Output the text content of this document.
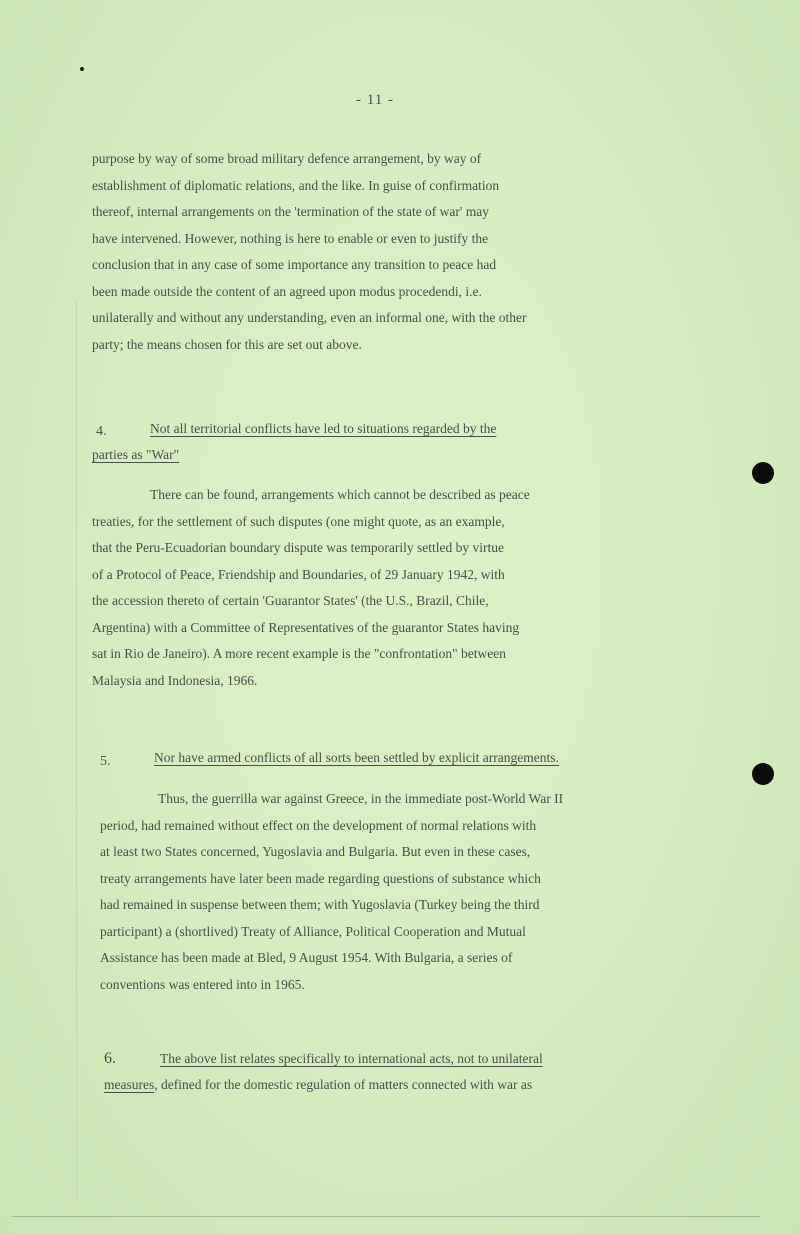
- 11 -
purpose by way of some broad military defence arrangement, by way of
establishment of diplomatic relations, and the like. In guise of confirmation
thereof, internal arrangements on the 'termination of the state of war' may
have intervened. However, nothing is here to enable or even to justify the
conclusion that in any case of some importance any transition to peace had
been made outside the content of an agreed upon modus procedendi, i.e.
unilaterally and without any understanding, even an informal one, with the other
party; the means chosen for this are set out above.
4.	Not all territorial conflicts have led to situations regarded by the
parties as "War"
There can be found, arrangements which cannot be described as peace
treaties, for the settlement of such disputes (one might quote, as an example,
that the Peru-Ecuadorian boundary dispute was temporarily settled by virtue
of a Protocol of Peace, Friendship and Boundaries, of 29 January 1942, with
the accession thereto of certain 'Guarantor States' (the U.S., Brazil, Chile,
Argentina) with a Committee of Representatives of the guarantor States having
sat in Rio de Janeiro). A more recent example is the "confrontation" between
Malaysia and Indonesia, 1966.
5.	Nor have armed conflicts of all sorts been settled by explicit arrangements.
Thus, the guerrilla war against Greece, in the immediate post-World War II
period, had remained without effect on the development of normal relations with
at least two States concerned, Yugoslavia and Bulgaria. But even in these cases,
treaty arrangements have later been made regarding questions of substance which
had remained in suspense between them; with Yugoslavia (Turkey being the third
participant) a (shortlived) Treaty of Alliance, Political Cooperation and Mutual
Assistance has been made at Bled, 9 August 1954. With Bulgaria, a series of
conventions was entered into in 1965.
6.	The above list relates specifically to international acts, not to unilateral
measures, defined for the domestic regulation of matters connected with war as
